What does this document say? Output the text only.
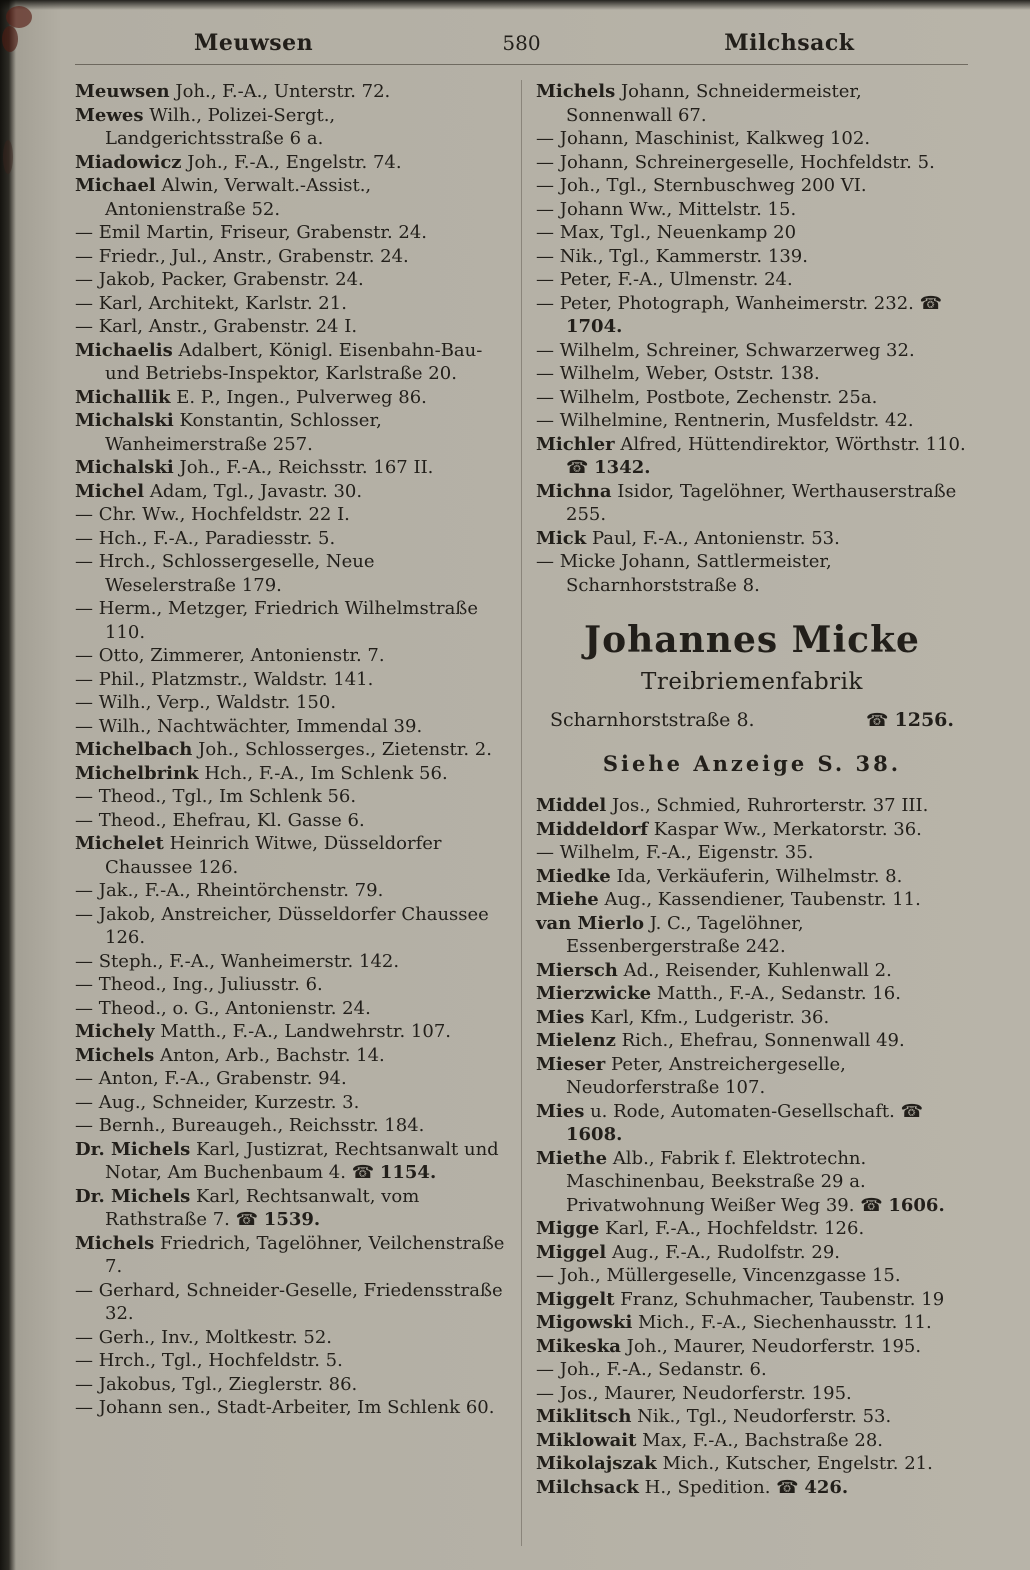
Meuwsen	580	Milchsack
Meuwsen Joh., F.-A., Unterstr. 72.
Mewes Wilh., Polizei-Sergt., Landgerichtsstraße 6 a.
Miadowicz Joh., F.-A., Engelstr. 74.
Michael Alwin, Verwalt.-Assist., Antonienstraße 52.
— Emil Martin, Friseur, Grabenstr. 24.
— Friedr., Jul., Anstr., Grabenstr. 24.
— Jakob, Packer, Grabenstr. 24.
— Karl, Architekt, Karlstr. 21.
— Karl, Anstr., Grabenstr. 24 I.
Michaelis Adalbert, Königl. Eisenbahn-Bau- und Betriebs-Inspektor, Karlstraße 20.
Michallik E. P., Ingen., Pulverweg 86.
Michalski Konstantin, Schlosser, Wanheimerstraße 257.
Michalski Joh., F.-A., Reichsstr. 167 II.
Michel Adam, Tgl., Javastr. 30.
— Chr. Ww., Hochfeldstr. 22 I.
— Hch., F.-A., Paradiesstr. 5.
— Hrch., Schlossergeselle, Neue Weselerstraße 179.
— Herm., Metzger, Friedrich Wilhelmstraße 110.
— Otto, Zimmerer, Antonienstr. 7.
— Phil., Platzmstr., Waldstr. 141.
— Wilh., Verp., Waldstr. 150.
— Wilh., Nachtwächter, Immendal 39.
Michelbach Joh., Schlosserges., Zietenstr. 2.
Michelbrink Hch., F.-A., Im Schlenk 56.
— Theod., Tgl., Im Schlenk 56.
— Theod., Ehefrau, Kl. Gasse 6.
Michelet Heinrich Witwe, Düsseldorfer Chaussee 126.
— Jak., F.-A., Rheintörchenstr. 79.
— Jakob, Anstreicher, Düsseldorfer Chaussee 126.
— Steph., F.-A., Wanheimerstr. 142.
— Theod., Ing., Juliusstr. 6.
— Theod., o. G., Antonienstr. 24.
Michely Matth., F.-A., Landwehrstr. 107.
Michels Anton, Arb., Bachstr. 14.
— Anton, F.-A., Grabenstr. 94.
— Aug., Schneider, Kurzestr. 3.
— Bernh., Bureaugeh., Reichsstr. 184.
Dr. Michels Karl, Justizrat, Rechtsanwalt und Notar, Am Buchenbaum 4. ☎ 1154.
Dr. Michels Karl, Rechtsanwalt, vom Rathstraße 7. ☎ 1539.
Michels Friedrich, Tagelöhner, Veilchenstraße 7.
— Gerhard, Schneider-Geselle, Friedensstraße 32.
— Gerh., Inv., Moltkestr. 52.
— Hrch., Tgl., Hochfeldstr. 5.
— Jakobus, Tgl., Zieglerstr. 86.
— Johann sen., Stadt-Arbeiter, Im Schlenk 60.
Michels Johann, Schneidermeister, Sonnenwall 67.
— Johann, Maschinist, Kalkweg 102.
— Johann, Schreinergeselle, Hochfeldstr. 5.
— Joh., Tgl., Sternbuschweg 200 VI.
— Johann Ww., Mittelstr. 15.
— Max, Tgl., Neuenkamp 20
— Nik., Tgl., Kammerstr. 139.
— Peter, F.-A., Ulmenstr. 24.
— Peter, Photograph, Wanheimerstr. 232. ☎ 1704.
— Wilhelm, Schreiner, Schwarzerweg 32.
— Wilhelm, Weber, Oststr. 138.
— Wilhelm, Postbote, Zechenstr. 25a.
— Wilhelmine, Rentnerin, Musfeldstr. 42.
Michler Alfred, Hüttendirektor, Wörthstr. 110. ☎ 1342.
Michna Isidor, Tagelöhner, Werthauserstraße 255.
Mick Paul, F.-A., Antonienstr. 53.
— Micke Johann, Sattlermeister, Scharnhorststraße 8.
Johannes Micke
Treibriemenfabrik
Scharnhorststraße 8.	☎ 1256.
Siehe Anzeige S. 38.
Middel Jos., Schmied, Ruhrorterstr. 37 III.
Middeldorf Kaspar Ww., Merkatorstr. 36.
— Wilhelm, F.-A., Eigenstr. 35.
Miedke Ida, Verkäuferin, Wilhelmstr. 8.
Miehe Aug., Kassendiener, Taubenstr. 11.
van Mierlo J. C., Tagelöhner, Essenbergerstraße 242.
Miersch Ad., Reisender, Kuhlenwall 2.
Mierzwicke Matth., F.-A., Sedanstr. 16.
Mies Karl, Kfm., Ludgeristr. 36.
Mielenz Rich., Ehefrau, Sonnenwall 49.
Mieser Peter, Anstreichergeselle, Neudorferstraße 107.
Mies u. Rode, Automaten-Gesellschaft. ☎ 1608.
Miethe Alb., Fabrik f. Elektrotechn. Maschinenbau, Beekstraße 29 a. Privatwohnung Weißer Weg 39. ☎ 1606.
Migge Karl, F.-A., Hochfeldstr. 126.
Miggel Aug., F.-A., Rudolfstr. 29.
— Joh., Müllergeselle, Vincenzgasse 15.
Miggelt Franz, Schuhmacher, Taubenstr. 19
Migowski Mich., F.-A., Siechenhausstr. 11.
Mikeska Joh., Maurer, Neudorferstr. 195.
— Joh., F.-A., Sedanstr. 6.
— Jos., Maurer, Neudorferstr. 195.
Miklitsch Nik., Tgl., Neudorferstr. 53.
Miklowait Max, F.-A., Bachstraße 28.
Mikolajszak Mich., Kutscher, Engelstr. 21.
Milchsack H., Spedition. ☎ 426.
